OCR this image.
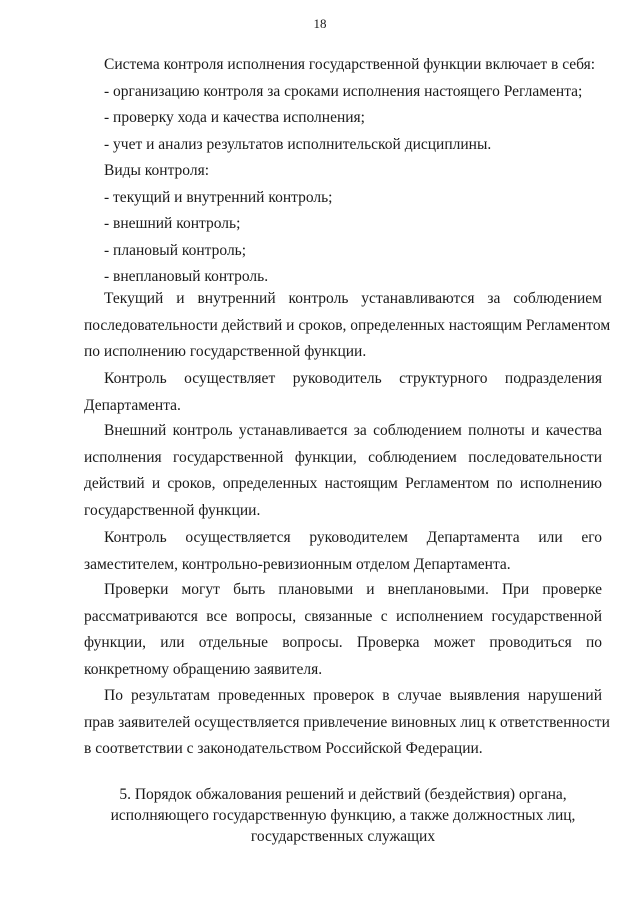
18
Система контроля исполнения государственной функции включает в себя:
- организацию контроля за сроками исполнения настоящего Регламента;
- проверку хода и качества исполнения;
- учет и анализ результатов исполнительской дисциплины.
Виды контроля:
- текущий и внутренний контроль;
- внешний контроль;
- плановый контроль;
- внеплановый контроль.
Текущий и внутренний контроль устанавливаются за соблюдением
последовательности действий и сроков, определенных настоящим Регламентом
по исполнению государственной функции.
Контроль осуществляет руководитель структурного подразделения
Департамента.
Внешний контроль устанавливается за соблюдением полноты и качества
исполнения государственной функции, соблюдением последовательности
действий и сроков, определенных настоящим Регламентом по исполнению
государственной функции.
Контроль осуществляется руководителем Департамента или его
заместителем, контрольно-ревизионным отделом Департамента.
Проверки могут быть плановыми и внеплановыми. При проверке
рассматриваются все вопросы, связанные с исполнением государственной
функции, или отдельные вопросы. Проверка может проводиться по
конкретному обращению заявителя.
По результатам проведенных проверок в случае выявления нарушений
прав заявителей осуществляется привлечение виновных лиц к ответственности
в соответствии с законодательством Российской Федерации.
5. Порядок обжалования решений и действий (бездействия) органа,
исполняющего государственную функцию, а также должностных лиц,
государственных служащих
